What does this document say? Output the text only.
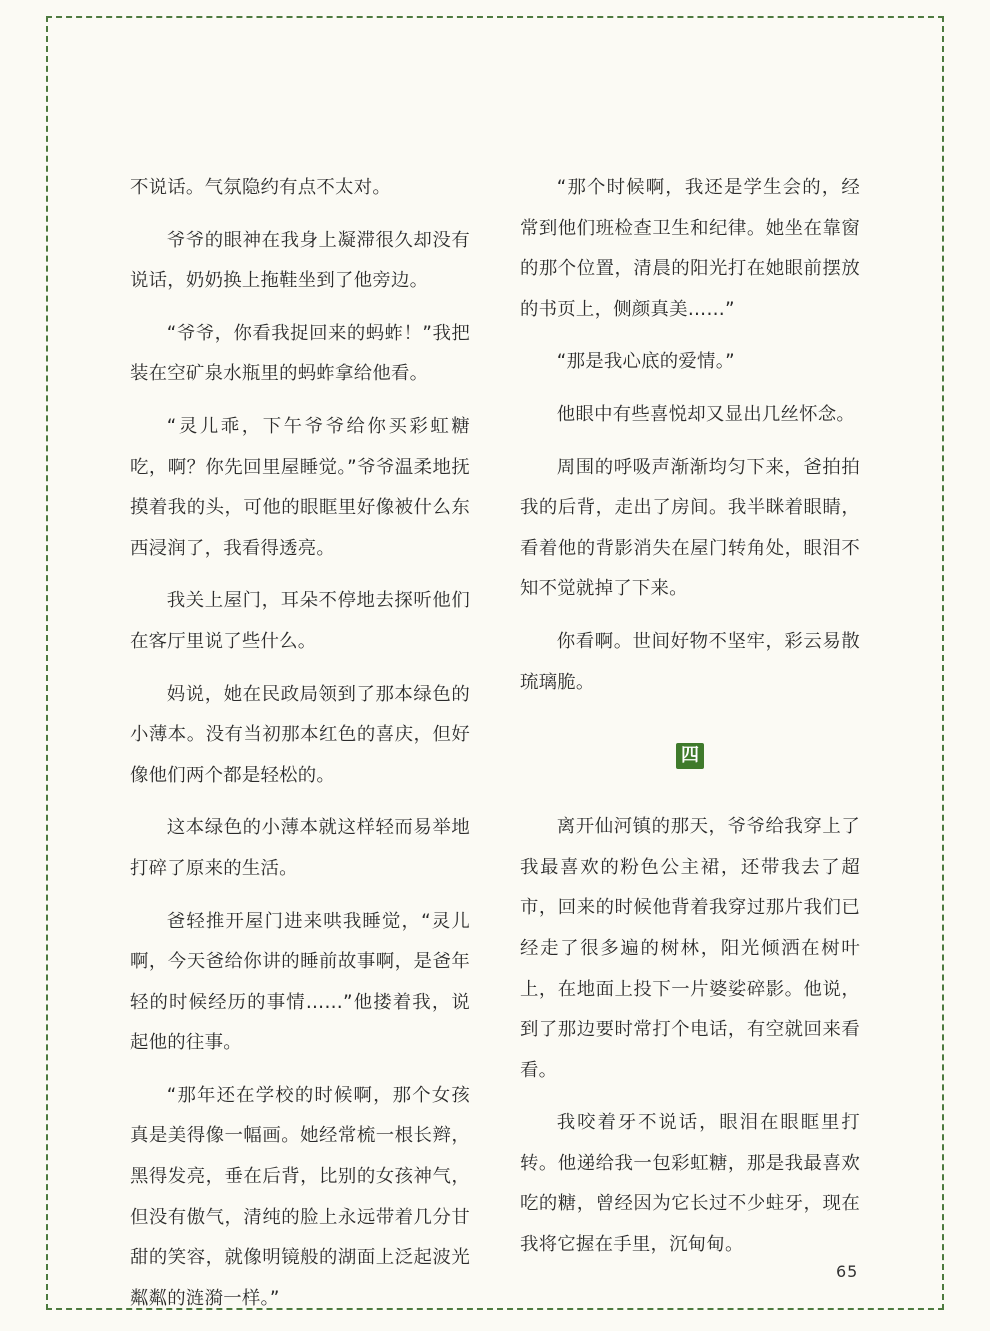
不说话。气氛隐约有点不太对。

爷爷的眼神在我身上凝滞很久却没有说话，奶奶换上拖鞋坐到了他旁边。

“爷爷，你看我捉回来的蚂蚱！”我把装在空矿泉水瓶里的蚂蚱拿给他看。

“灵儿乖，下午爷爷给你买彩虹糖吃，啊？你先回里屋睡觉。”爷爷温柔地抚摸着我的头，可他的眼眶里好像被什么东西浸润了，我看得透亮。

我关上屋门，耳朵不停地去探听他们在客厅里说了些什么。

妈说，她在民政局领到了那本绿色的小薄本。没有当初那本红色的喜庆，但好像他们两个都是轻松的。

这本绿色的小薄本就这样轻而易举地打碎了原来的生活。

爸轻推开屋门进来哄我睡觉，“灵儿啊，今天爸给你讲的睡前故事啊，是爸年轻的时候经历的事情……”他搂着我，说起他的往事。

“那年还在学校的时候啊，那个女孩真是美得像一幅画。她经常梳一根长辫，黑得发亮，垂在后背，比别的女孩神气，但没有傲气，清纯的脸上永远带着几分甘甜的笑容，就像明镜般的湖面上泛起波光粼粼的涟漪一样。”

“那个时候啊，我还是学生会的，经常到他们班检查卫生和纪律。她坐在靠窗的那个位置，清晨的阳光打在她眼前摆放的书页上，侧颜真美……”

“那是我心底的爱情。”

他眼中有些喜悦却又显出几丝怀念。

周围的呼吸声渐渐均匀下来，爸拍拍我的后背，走出了房间。我半眯着眼睛，看着他的背影消失在屋门转角处，眼泪不知不觉就掉了下来。

你看啊。世间好物不坚牢，彩云易散琉璃脆。

四

离开仙河镇的那天，爷爷给我穿上了我最喜欢的粉色公主裙，还带我去了超市，回来的时候他背着我穿过那片我们已经走了很多遍的树林，阳光倾洒在树叶上，在地面上投下一片婆娑碎影。他说，到了那边要时常打个电话，有空就回来看看。

我咬着牙不说话，眼泪在眼眶里打转。他递给我一包彩虹糖，那是我最喜欢吃的糖，曾经因为它长过不少蛀牙，现在我将它握在手里，沉甸甸。

65
